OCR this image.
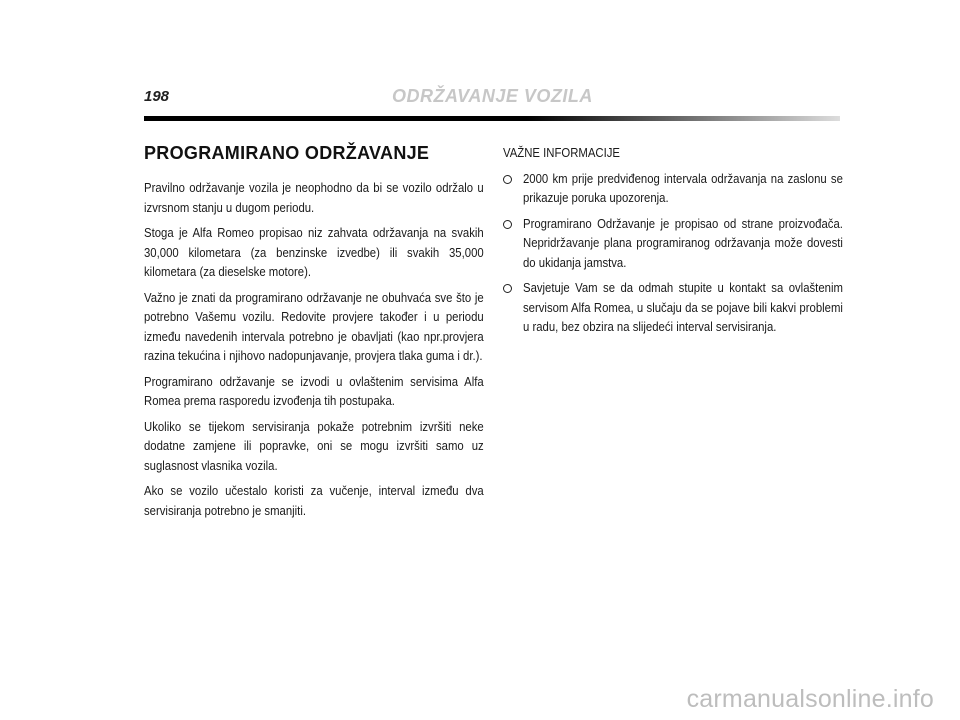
198	ODRŽAVANJE VOZILA
PROGRAMIRANO ODRŽAVANJE

Pravilno održavanje vozila je neophodno da bi se vozilo održalo u izvrsnom stanju u dugom periodu.

Stoga je Alfa Romeo propisao niz zahvata održavanja na svakih 30,000 kilometara (za benzinske izvedbe) ili svakih 35,000 kilometara (za dieselske motore).

Važno je znati da programirano održavanje ne obuhvaća sve što je potrebno Vašemu vozilu. Redovite provjere također i u periodu između navedenih intervala potrebno je obavljati (kao npr.provjera razina tekućina i njihovo nadopunjavanje, provjera tlaka guma i dr.).

Programirano održavanje se izvodi u ovlaštenim servisima Alfa Romea prema rasporedu izvođenja tih postupaka.

Ukoliko se tijekom servisiranja pokaže potrebnim izvršiti neke dodatne zamjene ili popravke, oni se mogu izvršiti samo uz suglasnost vlasnika vozila.

Ako se vozilo učestalo koristi za vučenje, interval između dva servisiranja potrebno je smanjiti.

VAŽNE INFORMACIJE
2000 km prije predviđenog intervala održavanja na zaslonu se prikazuje poruka upozorenja.
Programirano Održavanje je propisao od strane proizvođača. Nepridržavanje plana programiranog održavanja može dovesti do ukidanja jamstva.
Savjetuje Vam se da odmah stupite u kontakt sa ovlaštenim servisom Alfa Romea, u slučaju da se pojave bili kakvi problemi u radu, bez obzira na slijedeći interval servisiranja.
carmanualsonline.info
